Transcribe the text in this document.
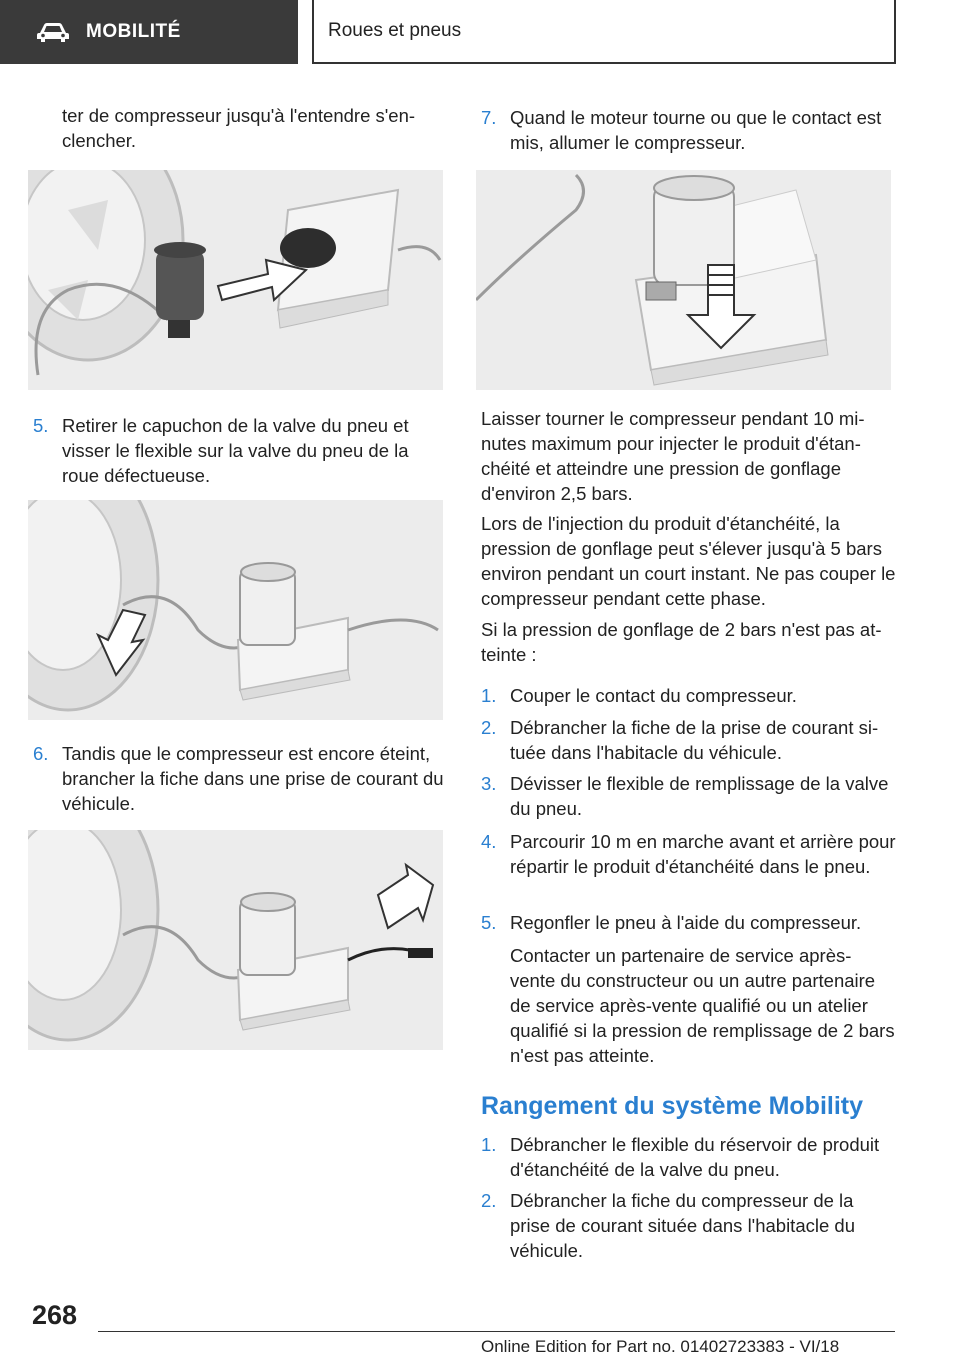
MOBILITÉ	Roues et pneus
ter de compresseur jusqu'à l'entendre s'en-clencher.
5. Retirer le capuchon de la valve du pneu et visser le flexible sur la valve du pneu de la roue défectueuse.
6. Tandis que le compresseur est encore éteint, brancher la fiche dans une prise de courant du véhicule.
7. Quand le moteur tourne ou que le contact est mis, allumer le compresseur.
Laisser tourner le compresseur pendant 10 mi-nutes maximum pour injecter le produit d'étan-chéité et atteindre une pression de gonflage d'environ 2,5 bars.
Lors de l'injection du produit d'étanchéité, la pression de gonflage peut s'élever jusqu'à 5 bars environ pendant un court instant. Ne pas couper le compresseur pendant cette phase.
Si la pression de gonflage de 2 bars n'est pas at-teinte :
1. Couper le contact du compresseur.
2. Débrancher la fiche de la prise de courant si-tuée dans l'habitacle du véhicule.
3. Dévisser le flexible de remplissage de la valve du pneu.
4. Parcourir 10 m en marche avant et arrière pour répartir le produit d'étanchéité dans le pneu.
5. Regonfler le pneu à l'aide du compresseur.
Contacter un partenaire de service après-vente du constructeur ou un autre partenaire de service après-vente qualifié ou un atelier qualifié si la pression de remplissage de 2 bars n'est pas atteinte.
Rangement du système Mobility
1. Débrancher le flexible du réservoir de produit d'étanchéité de la valve du pneu.
2. Débrancher la fiche du compresseur de la prise de courant située dans l'habitacle du véhicule.
268
Online Edition for Part no. 01402723383 - VI/18
